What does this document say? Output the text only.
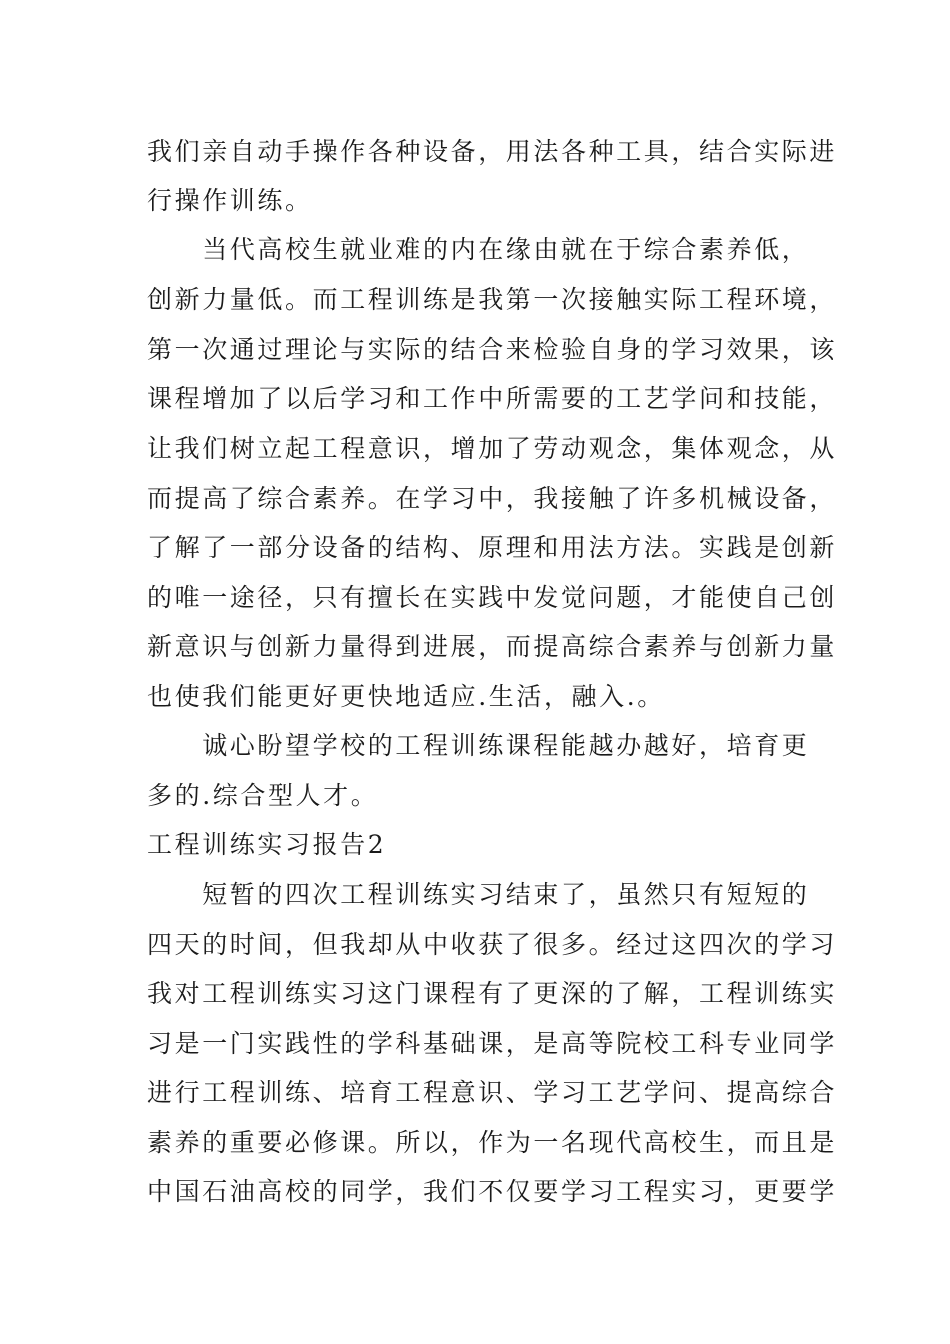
我们亲自动手操作各种设备，用法各种工具，结合实际进
行操作训练。
　　当代高校生就业难的内在缘由就在于综合素养低，
创新力量低。而工程训练是我第一次接触实际工程环境，
第一次通过理论与实际的结合来检验自身的学习效果，该
课程增加了以后学习和工作中所需要的工艺学问和技能，
让我们树立起工程意识，增加了劳动观念，集体观念，从
而提高了综合素养。在学习中，我接触了许多机械设备，
了解了一部分设备的结构、原理和用法方法。实践是创新
的唯一途径，只有擅长在实践中发觉问题，才能使自己创
新意识与创新力量得到进展，而提高综合素养与创新力量
也使我们能更好更快地适应.生活，融入.。
　　诚心盼望学校的工程训练课程能越办越好，培育更
多的.综合型人才。
工程训练实习报告2
　　短暂的四次工程训练实习结束了，虽然只有短短的
四天的时间，但我却从中收获了很多。经过这四次的学习
我对工程训练实习这门课程有了更深的了解，工程训练实
习是一门实践性的学科基础课，是高等院校工科专业同学
进行工程训练、培育工程意识、学习工艺学问、提高综合
素养的重要必修课。所以，作为一名现代高校生，而且是
中国石油高校的同学，我们不仅要学习工程实习，更要学
